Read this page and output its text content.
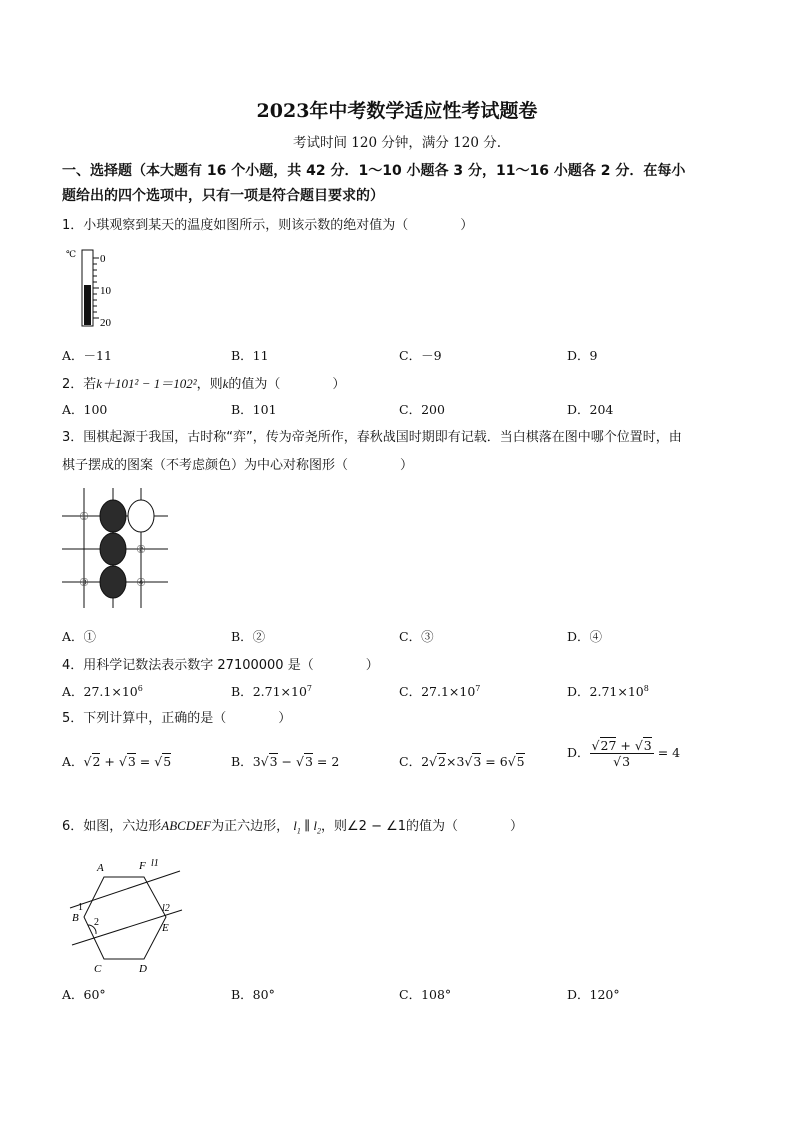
2023年中考数学适应性考试题卷
考试时间 120 分钟，满分 120 分.
一、选择题（本大题有 16 个小题，共 42 分．1～10 小题各 3 分，11～16 小题各 2 分．在每小
题给出的四个选项中，只有一项是符合题目要求的）
1．小琪观察到某天的温度如图所示，则该示数的绝对值为（　　　　）
℃ 0
10
20
A．－11	B．11	C．－9	D．9
2．若k＋101² − 1＝102²，则k的值为（　　　　）
A．100	B．101	C．200	D．204
3．围棋起源于我国，古时称“弈”，传为帝尧所作，春秋战国时期即有记载．当白棋落在图中哪个位置时，由
棋子摆成的图案（不考虑颜色）为中心对称图形（　　　　）
①
②
③	④
A．①	B．②	C．③	D．④
4．用科学记数法表示数字 27100000 是（　　　　）
A．$27.1\times 10^6$	B．$2.71\times 10^7$	C．$27.1\times 10^7$	D．$2.71\times 10^8$
5．下列计算中，正确的是（　　　　）
A．√2 + √3 = √5	B．3√3 − √3 = 2	C．2√2×3√3 = 6√5
D． $\frac{√27 + √3}{√3} = 4$
6．如图，六边形ABCDEF为正六边形， $l_1$ ∥ $l_2$，则∠2 − ∠1的值为（　　　　）
A
B
C	D
E
F
1
2
l1
l2
A．60°	B．80°	C．108°	D．120°
